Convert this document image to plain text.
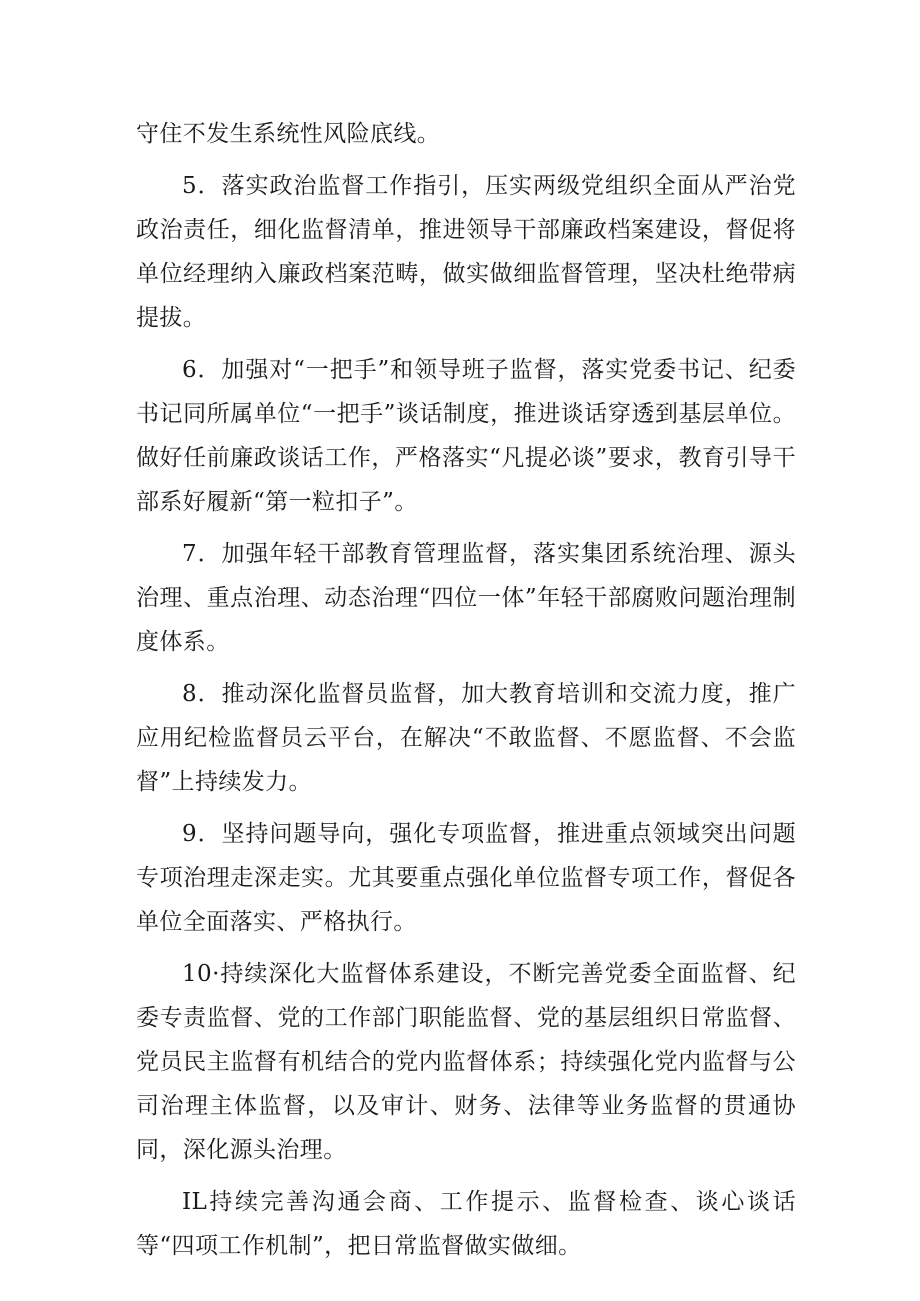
守住不发生系统性风险底线。

5．落实政治监督工作指引，压实两级党组织全面从严治党政治责任，细化监督清单，推进领导干部廉政档案建设，督促将单位经理纳入廉政档案范畴，做实做细监督管理，坚决杜绝带病提拔。

6．加强对“一把手”和领导班子监督，落实党委书记、纪委书记同所属单位“一把手”谈话制度，推进谈话穿透到基层单位。做好任前廉政谈话工作，严格落实“凡提必谈”要求，教育引导干部系好履新“第一粒扣子”。

7．加强年轻干部教育管理监督，落实集团系统治理、源头治理、重点治理、动态治理“四位一体”年轻干部腐败问题治理制度体系。

8．推动深化监督员监督，加大教育培训和交流力度，推广应用纪检监督员云平台，在解决“不敢监督、不愿监督、不会监督”上持续发力。

9．坚持问题导向，强化专项监督，推进重点领域突出问题专项治理走深走实。尤其要重点强化单位监督专项工作，督促各单位全面落实、严格执行。

10·持续深化大监督体系建设，不断完善党委全面监督、纪委专责监督、党的工作部门职能监督、党的基层组织日常监督、党员民主监督有机结合的党内监督体系；持续强化党内监督与公司治理主体监督，以及审计、财务、法律等业务监督的贯通协同，深化源头治理。

IL持续完善沟通会商、工作提示、监督检查、谈心谈话等“四项工作机制”，把日常监督做实做细。
